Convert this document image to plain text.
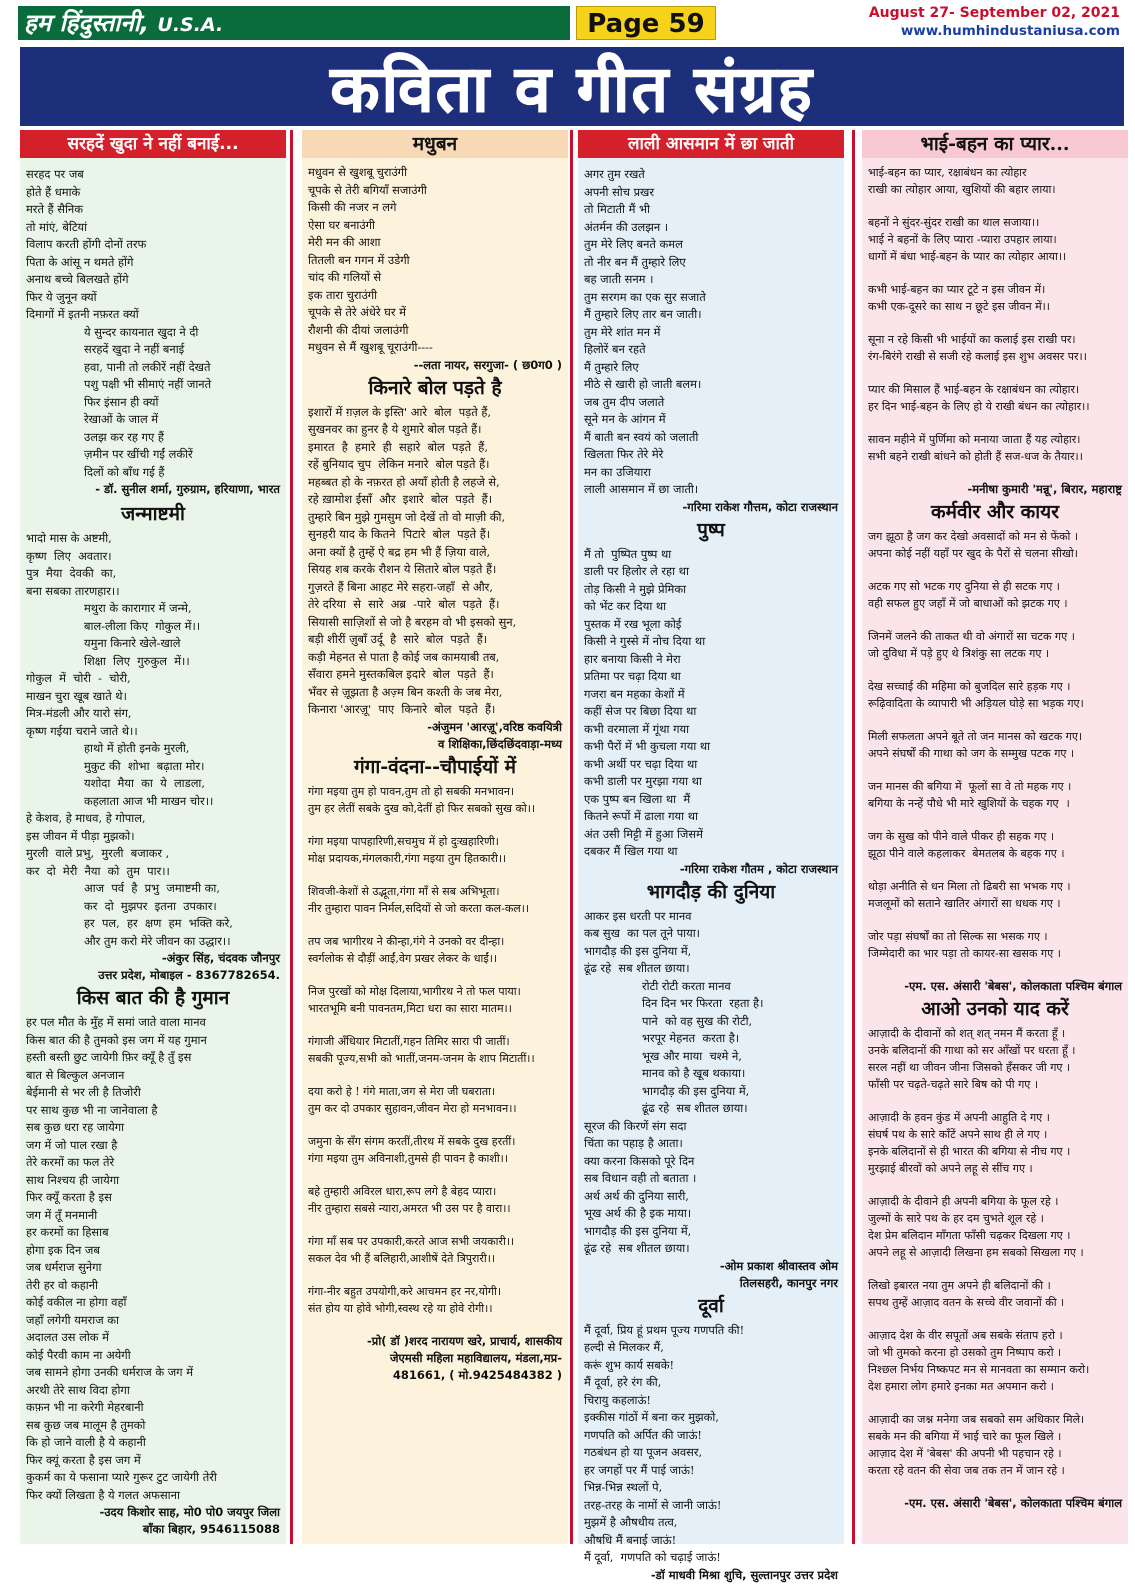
हम हिंदुस्तानी, U.S.A.	Page 59	August 27- September 02, 2021
www.humhindustaniusa.com
कविता व गीत संग्रह
सरहदें खुदा ने नहीं बनाई...

सरहद पर जब

होते हैं धमाके

मरते हैं सैनिक

तो मांएं, बेटियां

विलाप करती होंगी दोनों तरफ

पिता के आंसू न थमते होंगे

अनाथ बच्चे बिलखते होंगे

फिर ये जुनून क्यों

दिमागों में इतनी नफ़रत क्यों

ये सुन्दर कायनात खुदा ने दी

सरहदें खुदा ने नहीं बनाई

हवा, पानी तो लकीरें नहीं देखते

पशु पक्षी भी सीमाएं नहीं जानते

फिर इंसान ही क्यों

रेखाओं के जाल में

उलझ कर रह गए हैं

ज़मीन पर खींची गईं लकीरें

दिलों को बाँध गई हैं

- डॉ. सुनील शर्मा, गुरुग्राम, हरियाणा, भारत
जन्माष्टमी

भादो मास के अष्टमी,

कृष्ण  लिए  अवतार।

पुत्र  मैया  देवकी  का,

बना सबका तारणहार।।

मथुरा के कारागार में जन्मे,

बाल-लीला किए  गोकुल में।।

यमुना किनारे खेले-खाले

शिक्षा  लिए  गुरुकुल  में।।

गोकुल  में  चोरी  -  चोरी,

माखन चुरा खूब खाते थे।

मित्र-मंडली और यारो संग,

कृष्ण गईया चराने जाते थे।।

हाथो में होती इनके मुरली,

मुकुट की  शोभा  बढ़ाता मोर।

यशोदा  मैया  का  ये  लाडला,

कहलाता आज भी माखन चोर।।

हे केशव, हे माधव, हे गोपाल,

इस जीवन में पीड़ा मुझको।

मुरली  वाले प्रभु,  मुरली  बजाकर ,

कर  दो  मेरी  नैया  को  तुम  पार।।

आज  पर्व  है  प्रभु  जमाष्टमी का,

कर  दो  मुझपर  इतना  उपकार।

हर  पल,  हर  क्षण  हम  भक्ति करे,

और तुम करो मेरे जीवन का उद्धार।।

-अंकुर सिंह, चंदवक जौनपुर
उत्तर प्रदेश, मोबाइल - 8367782654.
किस बात की है गुमान

हर पल मौत के मुँह में समां जाते वाला मानव

किस बात की है तुमको इस जग में यह गुमान

हस्ती बस्ती छुट जायेगी फ़िर क्यूँ है तुँ इस

बात से बिल्कुल अनजान

बेईमानी से भर ली है तिजोरी

पर साथ कुछ भी ना जानेवाला है

सब कुछ धरा रह जायेगा

जग में जो पाल रखा है

तेरे करमों का फल तेरे

साथ निश्चय ही जायेगा

फिर क्यूँ करता है इस

जग में तूँ मनमानी

हर करमों का हिसाब

होगा इक दिन जब

जब धर्मराज सुनेगा

तेरी हर वो कहानी

कोई वकील ना होगा वहाँ

जहाँ लगेगी यमराज का

अदालत उस लोक में

कोई पैरवी काम ना अयेगी

जब सामने होगा उनकी धर्मराज के जग में

अरथी तेरे साथ विदा होगा

कफ़न भी ना करेगी मेहरबानी

सब कुछ जब मालूम है तुमको

कि हो जाने वाली है ये कहानी

फिर क्यूं करता है इस जग में

कुकर्म का ये फसाना प्यारे गुरूर टुट जायेगी तेरी

फिर क्यों लिखता है ये गलत अफसाना

-उदय किशोर साह, मो0 पो0 जयपुर जिला
बाँका बिहार, 9546115088
मधुबन

मधुवन से खुशबू चुराउंगी

चूपके से तेरी बगियाँ सजाउंगी

किसी की नजर न लगे

ऐसा घर बनाउंगी

मेरी मन की आशा

तितली बन गगन में उडेगी

चांद की गलियों से

इक तारा चुराउंगी

चूपके से तेरे अंधेरे घर में

रौशनी की दीयां जलाउंगी

मधुवन से मैं खुशबू चूराउंगी----

--लता नायर, सरगुजा- ( छ0ग0 )
किनारे बोल पड़ते है

इशारों में ग़ज़ल के इस्ति' आरे  बोल  पड़ते हैं,

सुखनवर का हुनर है ये शुमारे बोल पड़ते हैं।

इमारत  है  हमारे  ही  सहारे  बोल  पड़ते  हैं,

रहें बुनियाद चुप  लेकिन मनारे  बोल पड़ते हैं।

महब्बत हो के नफ़रत हो अयाँ होती है लहजे से,

रहे ख़ामोश ईसाँ  और  इशारे  बोल  पड़ते  हैं।

तुम्हारे बिन मुझे गुमसुम जो देखें तो वो माज़ी की,

सुनहरी याद के कितने  पिटारे  बोल  पड़ते हैं।

अना क्यों है तुम्हें ऐ बद्र हम भी हैं ज़िया वाले,

सियह शब करके रौशन ये सितारे बोल पड़ते हैं।

गुज़रते हैं बिना आहट मेरे सहरा-जहाँ  से और,

तेरे दरिया  से  सारे  अब्र  -पारे  बोल  पड़ते  हैं।

सियासी साज़िशों से जो है बरहम वो भी इसको सुन,

बड़ी शीरीं ज़ुबाँ उर्दू  है  सारे  बोल  पड़ते  हैं।

कड़ी मेहनत से पाता है कोई जब कामयाबी तब,

सँवारा हमने मुस्तकबिल इदारे  बोल  पड़ते  हैं।

भँवर से ज़ूझता है अज़्म बिन कश्ती के जब मेरा,

किनारा 'आरज़ू'  पाए  किनारे  बोल  पड़ते  हैं।

-अंजुमन 'आरज़ू',वरिष्ठ कवयित्री
व शिक्षिका,छिंदछिंदवाड़ा-मध्य
गंगा-वंदना--चौपाईयों में

गंगा मइया तुम हो पावन,तुम तो हो सबकी मनभावन।

तुम हर लेतीं सबके दुख को,देतीं हो फिर सबको सुख को।।

गंगा मइया पापहारिणी,सचमुच में हो दुःखहारिणी।

मोक्ष प्रदायक,मंगलकारी,गंगा मइया तुम हितकारी।।

शिवजी-केशों से उद्भूता,गंगा माँ से सब अभिभूता।

नीर तुम्हारा पावन निर्मल,सदियों से जो करता कल-कल।।

तप जब भागीरथ ने कीन्हा,गंगे ने उनको वर दीन्हा।

स्वर्गलोक से दौड़ीं आईं,वेग प्रखर लेकर के धाईं।।

निज पुरखों को मोक्ष दिलाया,भागीरथ ने तो फल पाया।

भारतभूमि बनी पावनतम,मिटा धरा का सारा मातम।।

गंगाजी अँधियार मिटातीं,गहन तिमिर सारा पी जातीं।

सबकी पूज्य,सभी को भातीं,जनम-जनम के शाप मिटातीं।।

दया करो हे ! गंगे माता,जग से मेरा जी घबराता।

तुम कर दो उपकार सुहावन,जीवन मेरा हो मनभावन।।

जमुना के सँग संगम करतीं,तीरथ में सबके दुख हरतीं।

गंगा मइया तुम अविनाशी,तुमसे ही पावन है काशी।।

बहे तुम्हारी अविरल धारा,रूप लगे है बेहद प्यारा।

नीर तुम्हारा सबसे न्यारा,अमरत भी उस पर है वारा।।

गंगा माँ सब पर उपकारी,करते आज सभी जयकारी।।

सकल देव भी हैं बलिहारी,आशीषें देते त्रिपुरारी।।

गंगा-नीर बहुत उपयोगी,करे आचमन हर नर,योगी।

संत होय या होवे भोगी,स्वस्थ रहे या होवे रोगी।।

-प्रो( डॉ )शरद नारायण खरे, प्राचार्य, शासकीय
जेएमसी महिला महाविद्यालय, मंडला,मप्र-
481661, ( मो.9425484382 )
लाली आसमान में छा जाती

अगर तुम रखते

अपनी सोच प्रखर

तो मिटाती मैं भी

अंतर्मन की उलझन ।

तुम मेरे लिए बनते कमल

तो नीर बन मैं तुम्हारे लिए

बह जाती सनम ।

तुम सरगम का एक सुर सजाते

मैं तुम्हारे लिए तार बन जाती।

तुम मेरे शांत मन में

हिलोरें बन रहते

मैं तुम्हारे लिए

मीठे से खारी हो जाती बलम।

जब तुम दीप जलाते

सूने मन के आंगन में

मैं बाती बन स्वयं को जलाती

खिलता फिर तेरे मेरे

मन का उजियारा

लाली आसमान में छा जाती।

-गरिमा राकेश गौत्तम, कोटा राजस्थान
पुष्प

मैं तो  पुष्पित पुष्प था

डाली पर हिलोर ले रहा था

तोड़ किसी ने मुझे प्रेमिका

को भेंट कर दिया था

पुस्तक में रख भूला कोई

किसी ने गुस्से में नोच दिया था

हार बनाया किसी ने मेरा

प्रतिमा पर चढ़ा दिया था

गजरा बन महका केशों में

कहीं सेज पर बिछा दिया था

कभी वरमाला में गूंथा गया

कभी पैरों में भी कुचला गया था

कभी अर्थी पर चढ़ा दिया था

कभी डाली पर मुरझा गया था

एक पुष्प बन खिला था  मैं

कितने रूपों में ढाला गया था

अंत उसी मिट्टी में हुआ जिसमें

दबकर मैं खिल गया था

-गरिमा राकेश गौतम , कोटा राजस्थान
भागदौड़ की दुनिया

आकर इस धरती पर मानव

कब सुख  का पल तूने पाया।

भागदौड़ की इस दुनिया में,

ढूंढ रहे  सब शीतल छाया।

रोटी रोटी करता मानव

दिन दिन भर फिरता  रहता है।

पाने  को वह सुख की रोटी,

भरपूर मेहनत  करता है।

भूख और माया  चश्मे ने,

मानव को है खूब थकाया।

भागदौड़ की इस दुनिया में,

ढूंढ रहे  सब शीतल छाया।

सूरज की किरणें संग सदा

चिंता का पहाड़ है आता।

क्या करना किसको पूरे दिन

सब विधान वही तो बताता ।

अर्थ अर्थ की दुनिया सारी,

भूख अर्थ की है इक माया।

भागदौड़ की इस दुनिया में,

ढूंढ रहे  सब शीतल छाया।

-ओम प्रकाश श्रीवास्तव ओम
तिलसहरी, कानपुर नगर
दूर्वा

मैं दूर्वा, प्रिय हूं प्रथम पूज्य गणपति की!

हल्दी से मिलकर मैं,

करूं शुभ कार्य सबके!

मैं दूर्वा, हरे रंग की,

चिरायु कहलाऊं!

इक्कीस गांठों में बना कर मुझको,

गणपति को अर्पित की जाऊं!

गठबंधन हो या पूजन अवसर,

हर जगहों पर मैं पाई जाऊं!

भिन्न-भिन्न स्थलों पे,

तरह-तरह के नामों से जानी जाऊं!

मुझमें है औषधीय तत्व,

औषधि मैं बनाई जाऊं!

मैं दूर्वा,  गणपति को चढ़ाई जाऊं!

-डॉ माधवी मिश्रा शुचि, सुल्तानपुर उत्तर प्रदेश
भाई-बहन का प्यार...

भाई-बहन का प्यार, रक्षाबंधन का त्योहार

राखी का त्योहार आया, खुशियों की बहार लाया।

बहनों ने सुंदर-सुंदर राखी का थाल सजाया।।

भाई ने बहनों के लिए प्यारा -प्यारा उपहार लाया।

धागों में बंधा भाई-बहन के प्यार का त्योहार आया।।

कभी भाई-बहन का प्यार टूटे न इस जीवन में।

कभी एक-दूसरे का साथ न छूटे इस जीवन में।।

सूना न रहे किसी भी भाईयों का कलाई इस राखी पर।

रंग-बिरंगे राखी से सजी रहे कलाई इस शुभ अवसर पर।।

प्यार की मिसाल हैं भाई-बहन के रक्षाबंधन का त्योहार।

हर दिन भाई-बहन के लिए हो ये राखी बंधन का त्योहार।।

सावन महीने में पुर्णिमा को मनाया जाता हैं यह त्योहार।

सभी बहने राखी बांधने को होती हैं सज-धज के तैयार।।

-मनीषा कुमारी 'मन्नू', बिरार, महाराष्ट्र
कर्मवीर और कायर

जग झूठा है जग कर देखो अवसादों को मन से फेंको ।

अपना कोई नहीं यहाँ पर खुद के पैरों से चलना सीखो।

अटक गए सो भटक गए दुनिया से ही सटक गए ।

वही सफल हुए जहाँ में जो बाधाओं को झटक गए ।

जिनमें जलने की ताकत थी वो अंगारों सा चटक गए ।

जो दुविधा में पड़े हुए थे त्रिशंकु सा लटक गए ।

देख सच्चाई की महिमा को बुजदिल सारे हड़क गए ।

रूढ़िवादिता के व्यापारी भी अड़ियल घोड़े सा भड़क गए।

मिली सफलता अपने बूते तो जन मानस को खटक गए।

अपने संघर्षों की गाथा को जग के सम्मुख पटक गए ।

जन मानस की बगिया में  फूलों सा वे तो महक गए ।

बगिया के नन्हें पौधे भी मारे खुशियों के चहक गए  ।

जग के सुख को पीने वाले पीकर ही सहक गए ।

झूठा पीने वाले कहलाकर  बेमतलब के बहक गए ।

थोड़ा अनीति से धन मिला तो ढिबरी सा भभक गए ।

मजलूमों को सताने खातिर अंगारों सा धधक गए ।

जोर पड़ा संघर्षों का तो सिल्क सा भसक गए ।

जिम्मेदारी का भार पड़ा तो कायर-सा खसक गए ।

-एम. एस. अंसारी 'बेबस', कोलकाता पश्चिम बंगाल
आओ उनको याद करें

आज़ादी के दीवानों को शत् शत् नमन मैं करता हूँ ।

उनके बलिदानों की गाथा को सर आँखों पर धरता हूँ ।

सरल नहीं था जीवन जीना जिसको हँसकर जी गए ।

फाँसी पर चढ़ते-चढ़ते सारे बिष को पी गए ।

आज़ादी के हवन कुंड में अपनी आहुति दे गए ।

संघर्ष पथ के सारे काँटें अपने साथ ही ले गए ।

इनके बलिदानों से ही भारत की बगिया से नीच गए ।

मुरझाई बीरवों को अपने लहू से सींच गए ।

आज़ादी के दीवाने ही अपनी बगिया के फूल रहे ।

जुल्मों के सारे पथ के हर दम चुभते शूल रहे ।

देश प्रेम बलिदान माँगता फाँसी चढ़कर दिखला गए ।

अपने लहू से आज़ादी लिखना हम सबको सिखला गए ।

लिखो इबारत नया तुम अपने ही बलिदानों की ।

सपथ तुम्हें आज़ाद वतन के सच्चे वीर जवानों की ।

आज़ाद देश के वीर सपूतों अब सबके संताप हरो ।

जो भी तुमको करना हो उसको तुम निष्पाप करो ।

निश्छल निर्भय निष्कपट मन से मानवता का सम्मान करो।

देश हमारा लोग हमारे इनका मत अपमान करो ।

आज़ादी का जश्न मनेगा जब सबको सम अधिकार मिले।

सबके मन की बगिया में भाई चारे का फूल खिले ।

आज़ाद देश में 'बेबस' की अपनी भी पहचान रहे ।

करता रहे वतन की सेवा जब तक तन में जान रहे ।

-एम. एस. अंसारी 'बेबस', कोलकाता पश्चिम बंगाल
